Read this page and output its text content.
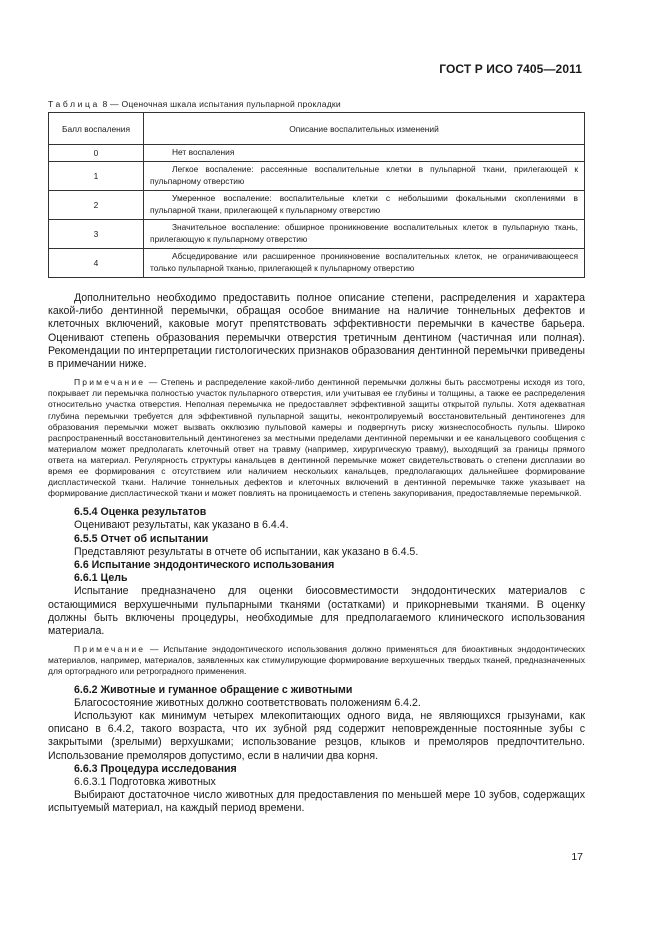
ГОСТ Р ИСО 7405—2011
Таблица 8 — Оценочная шкала испытания пульпарной прокладки
Балл воспаления	Описание воспалительных изменений
0	Нет воспаления

1	Легкое воспаление: рассеянные воспалительные клетки в пульпарной ткани, прилегающей к пульпарному отверстию

2	Умеренное воспаление: воспалительные клетки с небольшими фокальными скоплениями в пульпарной ткани, прилегающей к пульпарному отверстию

3	Значительное воспаление: обширное проникновение воспалительных клеток в пульпарную ткань, прилегающую к пульпарному отверстию

4	Абсцедирование или расширенное проникновение воспалительных клеток, не ограничивающееся только пульпарной тканью, прилегающей к пульпарному отверстию

Дополнительно необходимо предоставить полное описание степени, распределения и характера какой-либо дентинной перемычки, обращая особое внимание на наличие тоннельных дефектов и клеточных включений, каковые могут препятствовать эффективности перемычки в качестве барьера. Оценивают степень образования перемычки отверстия третичным дентином (частичная или полная). Рекомендации по интерпретации гистологических признаков образования дентинной перемычки приведены в примечании ниже.

Примечание — Степень и распределение какой-либо дентинной перемычки должны быть рассмотрены исходя из того, покрывает ли перемычка полностью участок пульпарного отверстия, или учитывая ее глубины и толщины, а также ее распределения относительно участка отверстия. Неполная перемычка не предоставляет эффективной защиты открытой пульпы. Хотя адекватная глубина перемычки требуется для эффективной пульпарной защиты, неконтролируемый восстановительный дентиногенез для образования перемычки может вызвать окклюзию пульповой камеры и подвергнуть риску жизнеспособность пульпы. Широко распространенный восстановительный дентиногенез за местными пределами дентинной перемычки и ее канальцевого сообщения с материалом может предполагать клеточный ответ на травму (например, хирургическую травму), выходящий за границы прямого ответа на материал. Регулярность структуры канальцев в дентинной перемычке может свидетельствовать о степени дисплазии во время ее формирования с отсутствием или наличием нескольких канальцев, предполагающих дальнейшее формирование диспластической ткани. Наличие тоннельных дефектов и клеточных включений в дентинной перемычке также указывает на формирование диспластической ткани и может повлиять на проницаемость и степень закупоривания, предоставляемые перемычкой.

6.5.4 Оценка результатов

Оценивают результаты, как указано в 6.4.4.

6.5.5 Отчет об испытании

Представляют результаты в отчете об испытании, как указано в 6.4.5.

6.6 Испытание эндодонтического использования

6.6.1 Цель

Испытание предназначено для оценки биосовместимости эндодонтических материалов с остающимися верхушечными пульпарными тканями (остатками) и прикорневыми тканями. В оценку должны быть включены процедуры, необходимые для предполагаемого клинического использования материала.

Примечание — Испытание эндодонтического использования должно применяться для биоактивных эндодонтических материалов, например, материалов, заявленных как стимулирующие формирование верхушечных твердых тканей, предназначенных для ортоградного или ретроградного применения.

6.6.2 Животные и гуманное обращение с животными

Благосостояние животных должно соответствовать положениям 6.4.2.

Используют как минимум четырех млекопитающих одного вида, не являющихся грызунами, как описано в 6.4.2, такого возраста, что их зубной ряд содержит неповрежденные постоянные зубы с закрытыми (зрелыми) верхушками; использование резцов, клыков и премоляров предпочтительно. Использование премоляров допустимо, если в наличии два корня.

6.6.3 Процедура исследования

6.6.3.1 Подготовка животных

Выбирают достаточное число животных для предоставления по меньшей мере 10 зубов, содержащих испытуемый материал, на каждый период времени.

17
